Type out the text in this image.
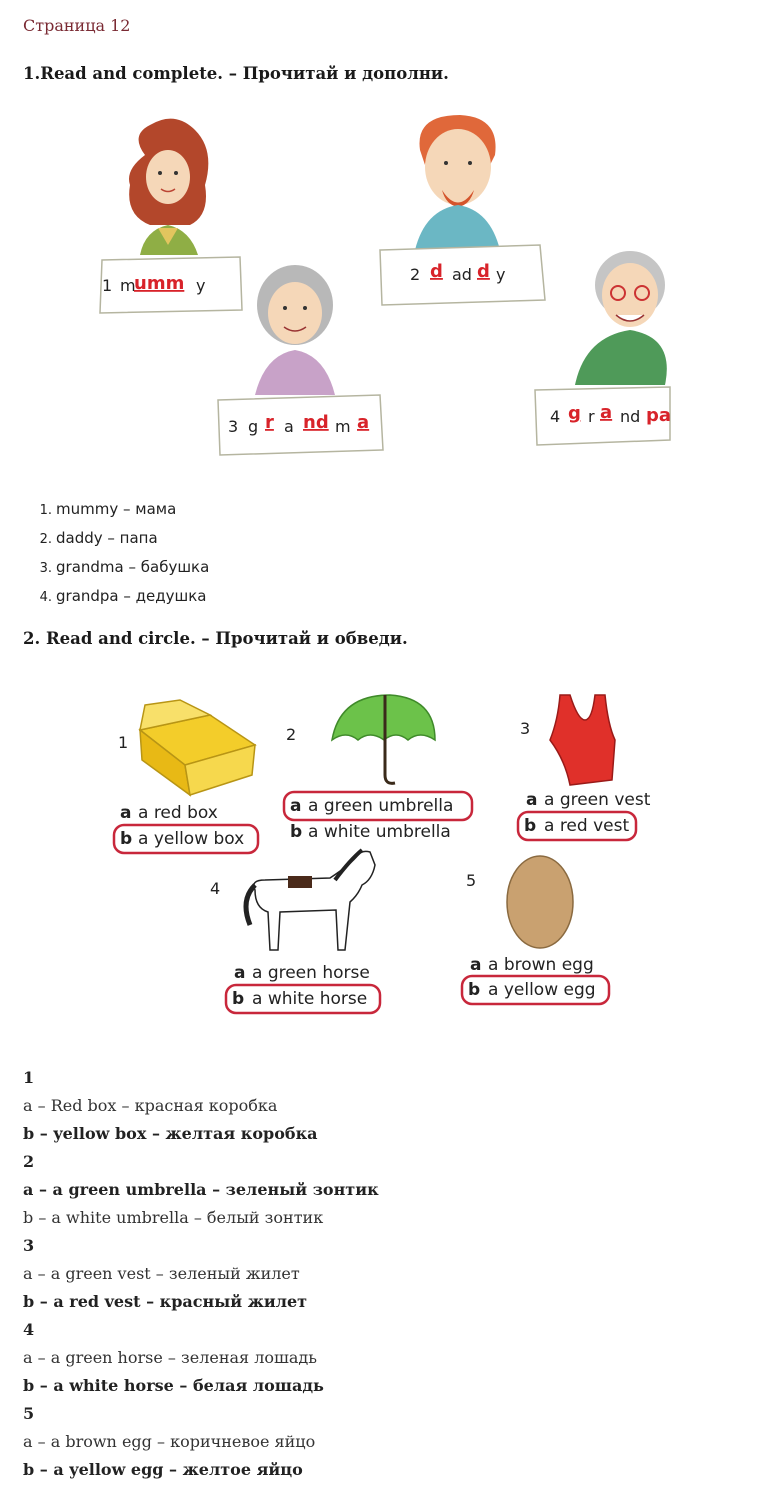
Страница 12
1.Read and complete. – Прочитай и дополни.
1 m
umm y
2 d ad d y
3 g r a nd m a	4 g r a nd pa
1. mummy – мама
2. daddy – папа
3. grandma – бабушка
4. grandpa – дедушка
2. Read and circle. – Прочитай и обведи.
1
a a red box
b a yellow box
2
a a green umbrella
b a white umbrella
3
a a green vest
b a red vest
4
a a green horse
b a white horse
5
a a brown egg
b a yellow egg
1
a – Red box – красная коробка
b – yellow box – желтая коробка
2
a – a green umbrella – зеленый зонтик
b – a white umbrella – белый зонтик
3
a – a green vest – зеленый жилет
b – a red vest – красный жилет
4
a – a green horse – зеленая лошадь
b – a white horse – белая лошадь
5
a – a brown egg – коричневое яйцо
b – a yellow egg – желтое яйцо
